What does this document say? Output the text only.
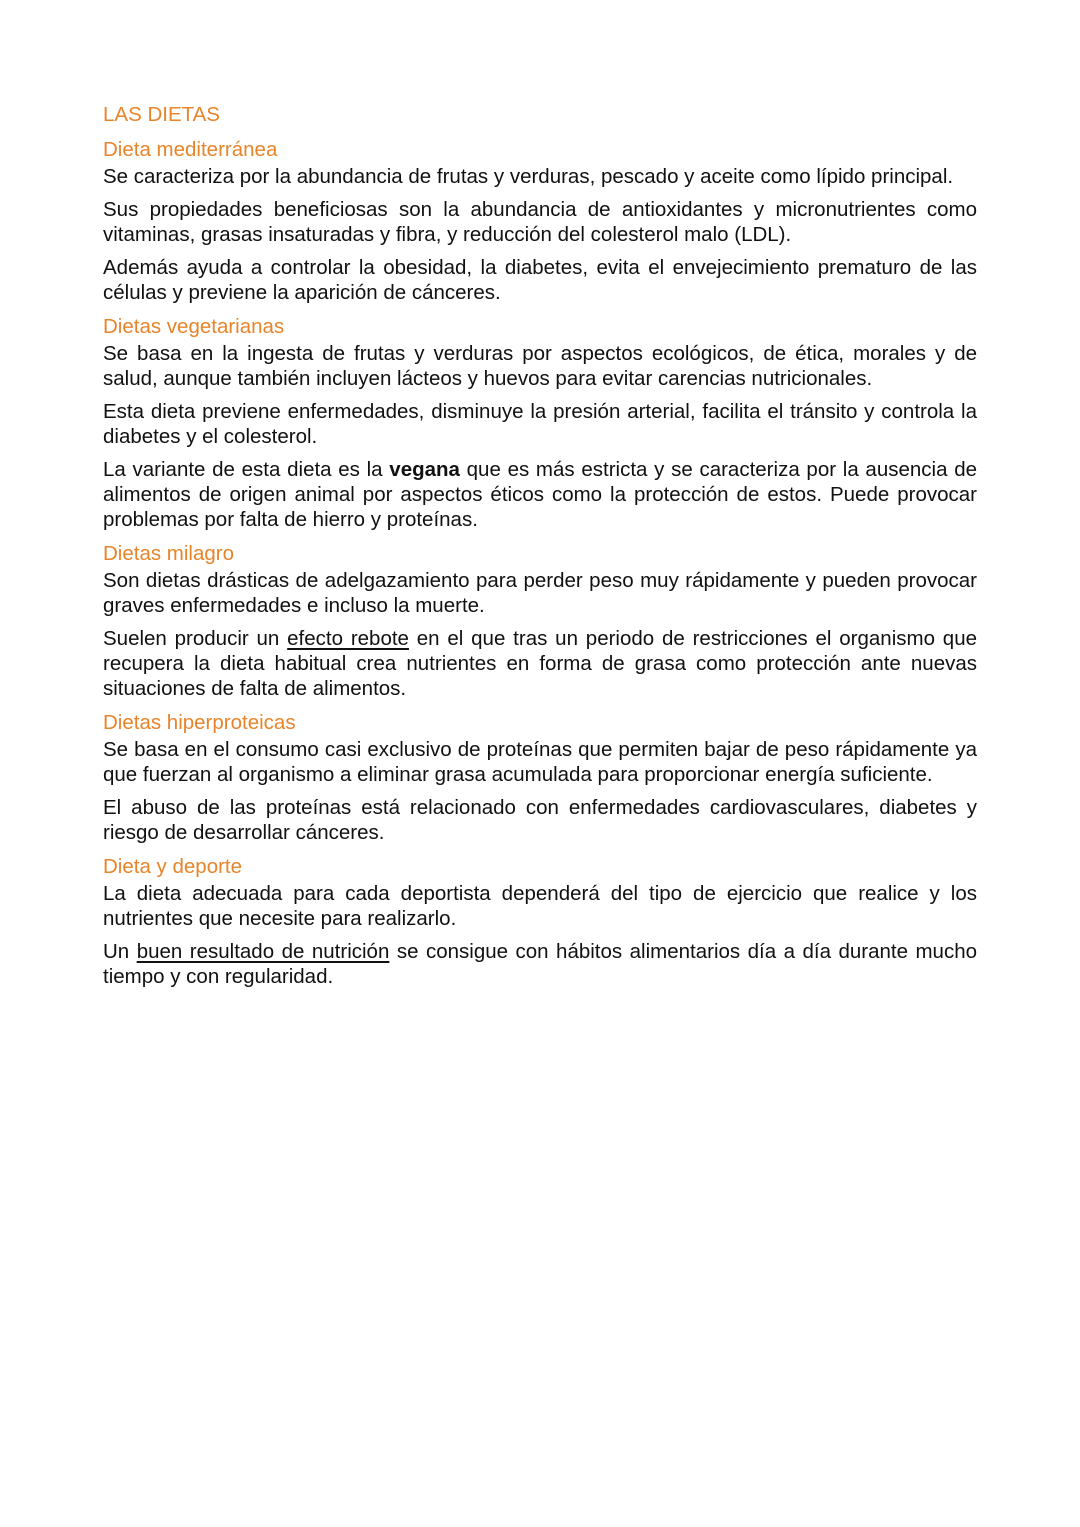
LAS DIETAS
Dieta mediterránea

Se caracteriza por la abundancia de frutas y verduras, pescado y aceite como lípido principal.

Sus propiedades beneficiosas son la abundancia de antioxidantes y micronutrientes como vitaminas, grasas insaturadas y fibra, y reducción del colesterol malo (LDL).

Además ayuda a controlar la obesidad, la diabetes, evita el envejecimiento prematuro de las células y previene la aparición de cánceres.

Dietas vegetarianas

Se basa en la ingesta de frutas y verduras por aspectos ecológicos, de ética, morales y de salud, aunque también incluyen lácteos y huevos para evitar carencias nutricionales.

Esta dieta previene enfermedades, disminuye la presión arterial, facilita el tránsito y controla la diabetes y el colesterol.

La variante de esta dieta es la vegana que es más estricta y se caracteriza por la ausencia de alimentos de origen animal por aspectos éticos como la protección de estos. Puede provocar problemas por falta de hierro y proteínas.

Dietas milagro

Son dietas drásticas de adelgazamiento para perder peso muy rápidamente y pueden provocar graves enfermedades e incluso la muerte.

Suelen producir un efecto rebote en el que tras un periodo de restricciones el organismo que recupera la dieta habitual crea nutrientes en forma de grasa como protección ante nuevas situaciones de falta de alimentos.

Dietas hiperproteicas

Se basa en el consumo casi exclusivo de proteínas que permiten bajar de peso rápidamente ya que fuerzan al organismo a eliminar grasa acumulada para proporcionar energía suficiente.

El abuso de las proteínas está relacionado con enfermedades cardiovasculares, diabetes y riesgo de desarrollar cánceres.

Dieta y deporte

La dieta adecuada para cada deportista dependerá del tipo de ejercicio que realice y los nutrientes que necesite para realizarlo.

Un buen resultado de nutrición se consigue con hábitos alimentarios día a día durante mucho tiempo y con regularidad.
